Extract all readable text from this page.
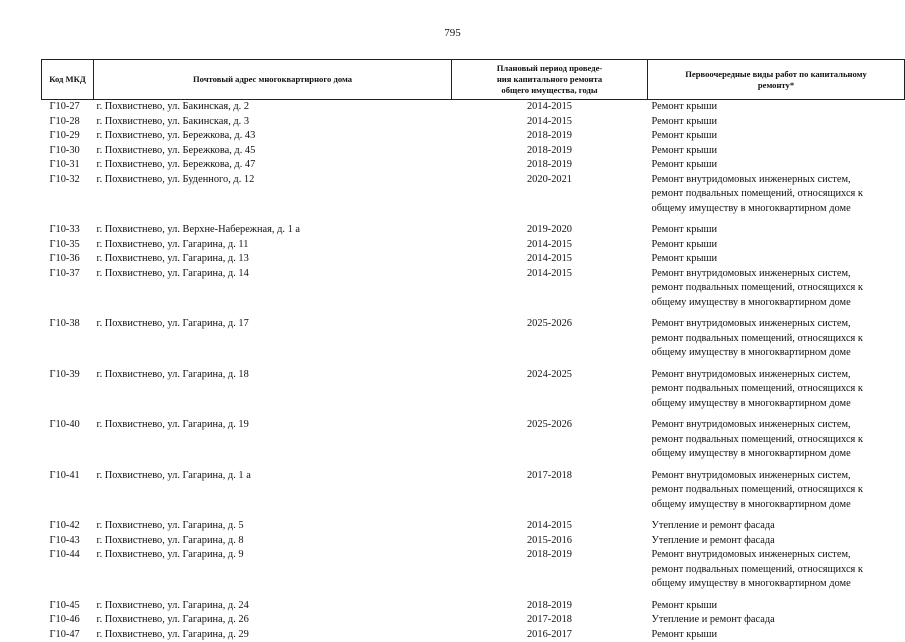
795
Код МКД	Почтовый адрес многоквартирного дома	Плановый период проведе-
ния капитального ремонта
общего имущества, годы	Первоочередные виды работ по капитальному
ремонту*

Г10-27	г. Похвистнево, ул. Бакинская, д. 2	2014-2015	Ремонт крыши

Г10-28	г. Похвистнево, ул. Бакинская, д. 3	2014-2015	Ремонт крыши

Г10-29	г. Похвистнево, ул. Бережкова, д. 43	2018-2019	Ремонт крыши

Г10-30	г. Похвистнево, ул. Бережкова, д. 45	2018-2019	Ремонт крыши

Г10-31	г. Похвистнево, ул. Бережкова, д. 47	2018-2019	Ремонт крыши

Г10-32	г. Похвистнево, ул. Буденного, д. 12	2020-2021	Ремонт внутридомовых инженерных систем,
ремонт подвальных помещений, относящихся к
общему имуществу в многоквартирном доме

Г10-33	г. Похвистнево, ул. Верхне-Набережная, д. 1 а	2019-2020	Ремонт крыши

Г10-35	г. Похвистнево, ул. Гагарина, д. 11	2014-2015	Ремонт крыши

Г10-36	г. Похвистнево, ул. Гагарина, д. 13	2014-2015	Ремонт крыши

Г10-37	г. Похвистнево, ул. Гагарина, д. 14	2014-2015	Ремонт внутридомовых инженерных систем,
ремонт подвальных помещений, относящихся к
общему имуществу в многоквартирном доме

Г10-38	г. Похвистнево, ул. Гагарина, д. 17	2025-2026	Ремонт внутридомовых инженерных систем,
ремонт подвальных помещений, относящихся к
общему имуществу в многоквартирном доме

Г10-39	г. Похвистнево, ул. Гагарина, д. 18	2024-2025	Ремонт внутридомовых инженерных систем,
ремонт подвальных помещений, относящихся к
общему имуществу в многоквартирном доме

Г10-40	г. Похвистнево, ул. Гагарина, д. 19	2025-2026	Ремонт внутридомовых инженерных систем,
ремонт подвальных помещений, относящихся к
общему имуществу в многоквартирном доме

Г10-41	г. Похвистнево, ул. Гагарина, д. 1 а	2017-2018	Ремонт внутридомовых инженерных систем,
ремонт подвальных помещений, относящихся к
общему имуществу в многоквартирном доме

Г10-42	г. Похвистнево, ул. Гагарина, д. 5	2014-2015	Утепление и ремонт фасада

Г10-43	г. Похвистнево, ул. Гагарина, д. 8	2015-2016	Утепление и ремонт фасада

Г10-44	г. Похвистнево, ул. Гагарина, д. 9	2018-2019	Ремонт внутридомовых инженерных систем,
ремонт подвальных помещений, относящихся к
общему имуществу в многоквартирном доме

Г10-45	г. Похвистнево, ул. Гагарина, д. 24	2018-2019	Ремонт крыши

Г10-46	г. Похвистнево, ул. Гагарина, д. 26	2017-2018	Утепление и ремонт фасада

Г10-47	г. Похвистнево, ул. Гагарина, д. 29	2016-2017	Ремонт крыши
